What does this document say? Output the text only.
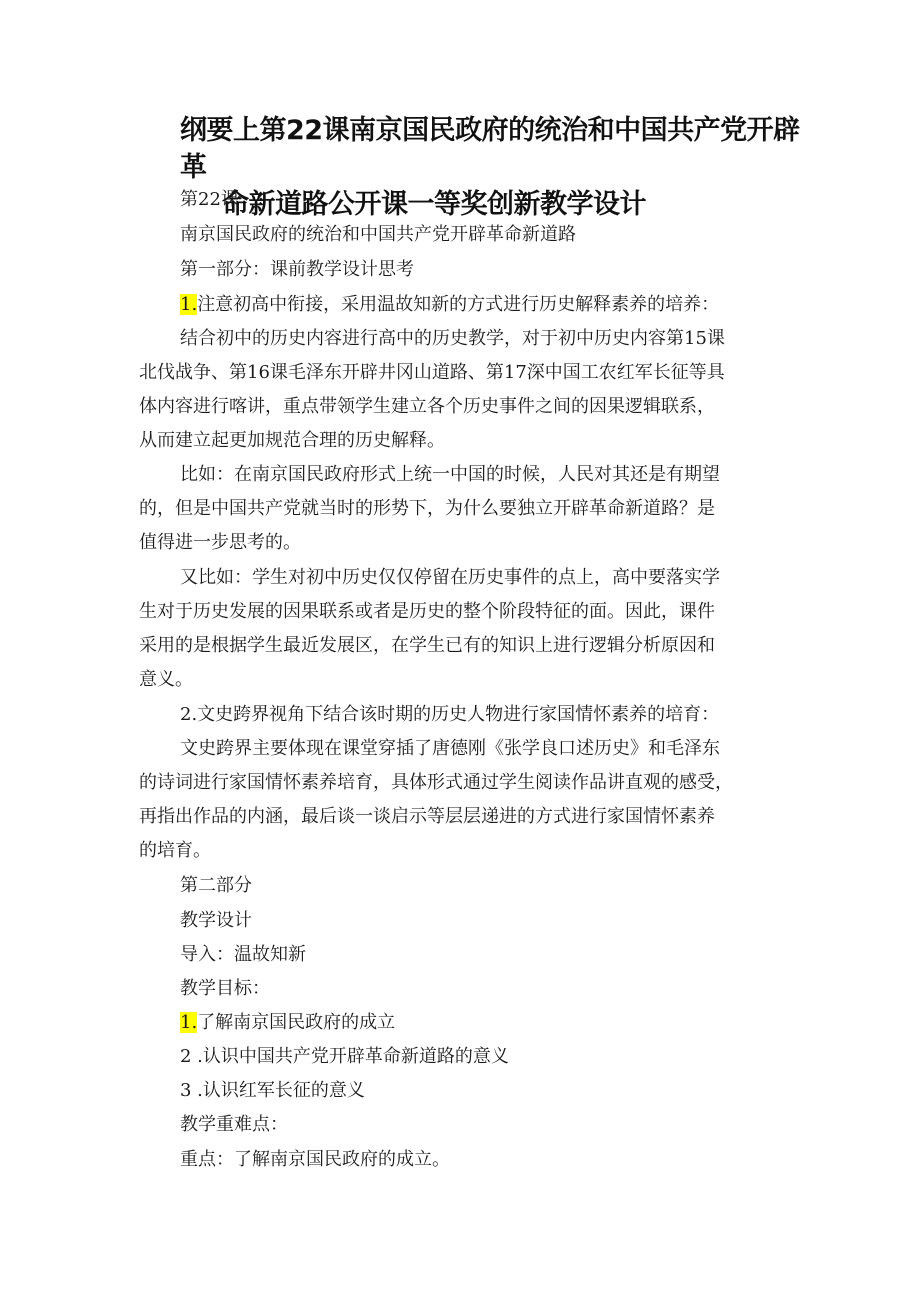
纲要上第22课南京国民政府的统治和中国共产党开辟革
命新道路公开课一等奖创新教学设计
第22课
南京国民政府的统治和中国共产党开辟革命新道路
第一部分：课前教学设计思考
1.注意初高中衔接，采用温故知新的方式进行历史解释素养的培养：
结合初中的历史内容进行高中的历史教学，对于初中历史内容第15课
北伐战争、第16课毛泽东开辟井冈山道路、第17深中国工农红军长征等具
体内容进行喀讲，重点带领学生建立各个历史事件之间的因果逻辑联系，
从而建立起更加规范合理的历史解释。
比如：在南京国民政府形式上统一中国的时候，人民对其还是有期望
的，但是中国共产党就当时的形势下，为什么要独立开辟革命新道路？是
值得进一步思考的。
又比如：学生对初中历史仅仅停留在历史事件的点上，高中要落实学
生对于历史发展的因果联系或者是历史的整个阶段特征的面。因此，课件
采用的是根据学生最近发展区，在学生已有的知识上进行逻辑分析原因和
意义。
2.文史跨界视角下结合该时期的历史人物进行家国情怀素养的培育：
文史跨界主要体现在课堂穿插了唐德刚《张学良口述历史》和毛泽东
的诗词进行家国情怀素养培育，具体形式通过学生阅读作品讲直观的感受，
再指出作品的内涵，最后谈一谈启示等层层递进的方式进行家国情怀素养
的培育。
第二部分
教学设计
导入：温故知新
教学目标：
1.了解南京国民政府的成立
2 .认识中国共产党开辟革命新道路的意义
3 .认识红军长征的意义
教学重难点：
重点：了解南京国民政府的成立。
